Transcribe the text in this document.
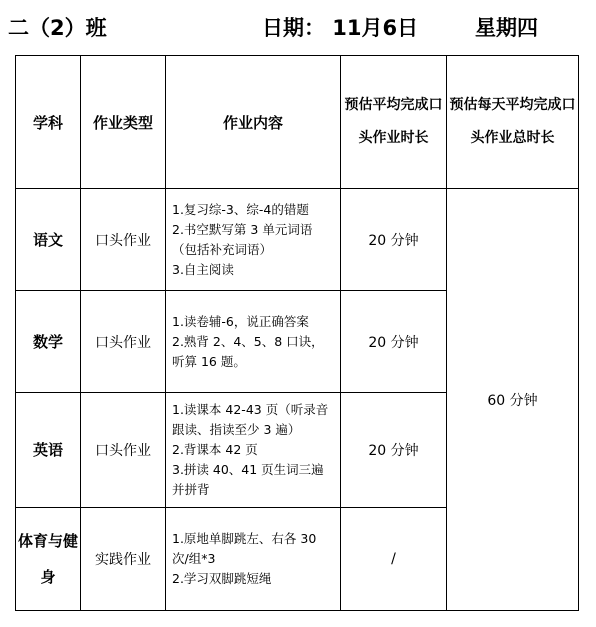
二（2）班	日期： 11月6日	星期四
学科	作业类型	作业内容	预估平均完成口头作业时长	预估每天平均完成口头作业总时长
语文	口头作业	1.复习综-3、综-4的错题
2.书空默写第 3 单元词语（包括补充词语）
3.自主阅读	20 分钟	60 分钟
数学	口头作业	1.读卷辅-6，说正确答案
2.熟背 2、4、5、8 口诀，听算 16 题。	20 分钟	
英语	口头作业	1.读课本 42-43 页（听录音跟读、指读至少 3 遍）
2.背课本 42 页
3.拼读 40、41 页生词三遍并拼背	20 分钟	
体育与健身	实践作业	1.原地单脚跳左、右各 30 次/组*3
2.学习双脚跳短绳	/	
